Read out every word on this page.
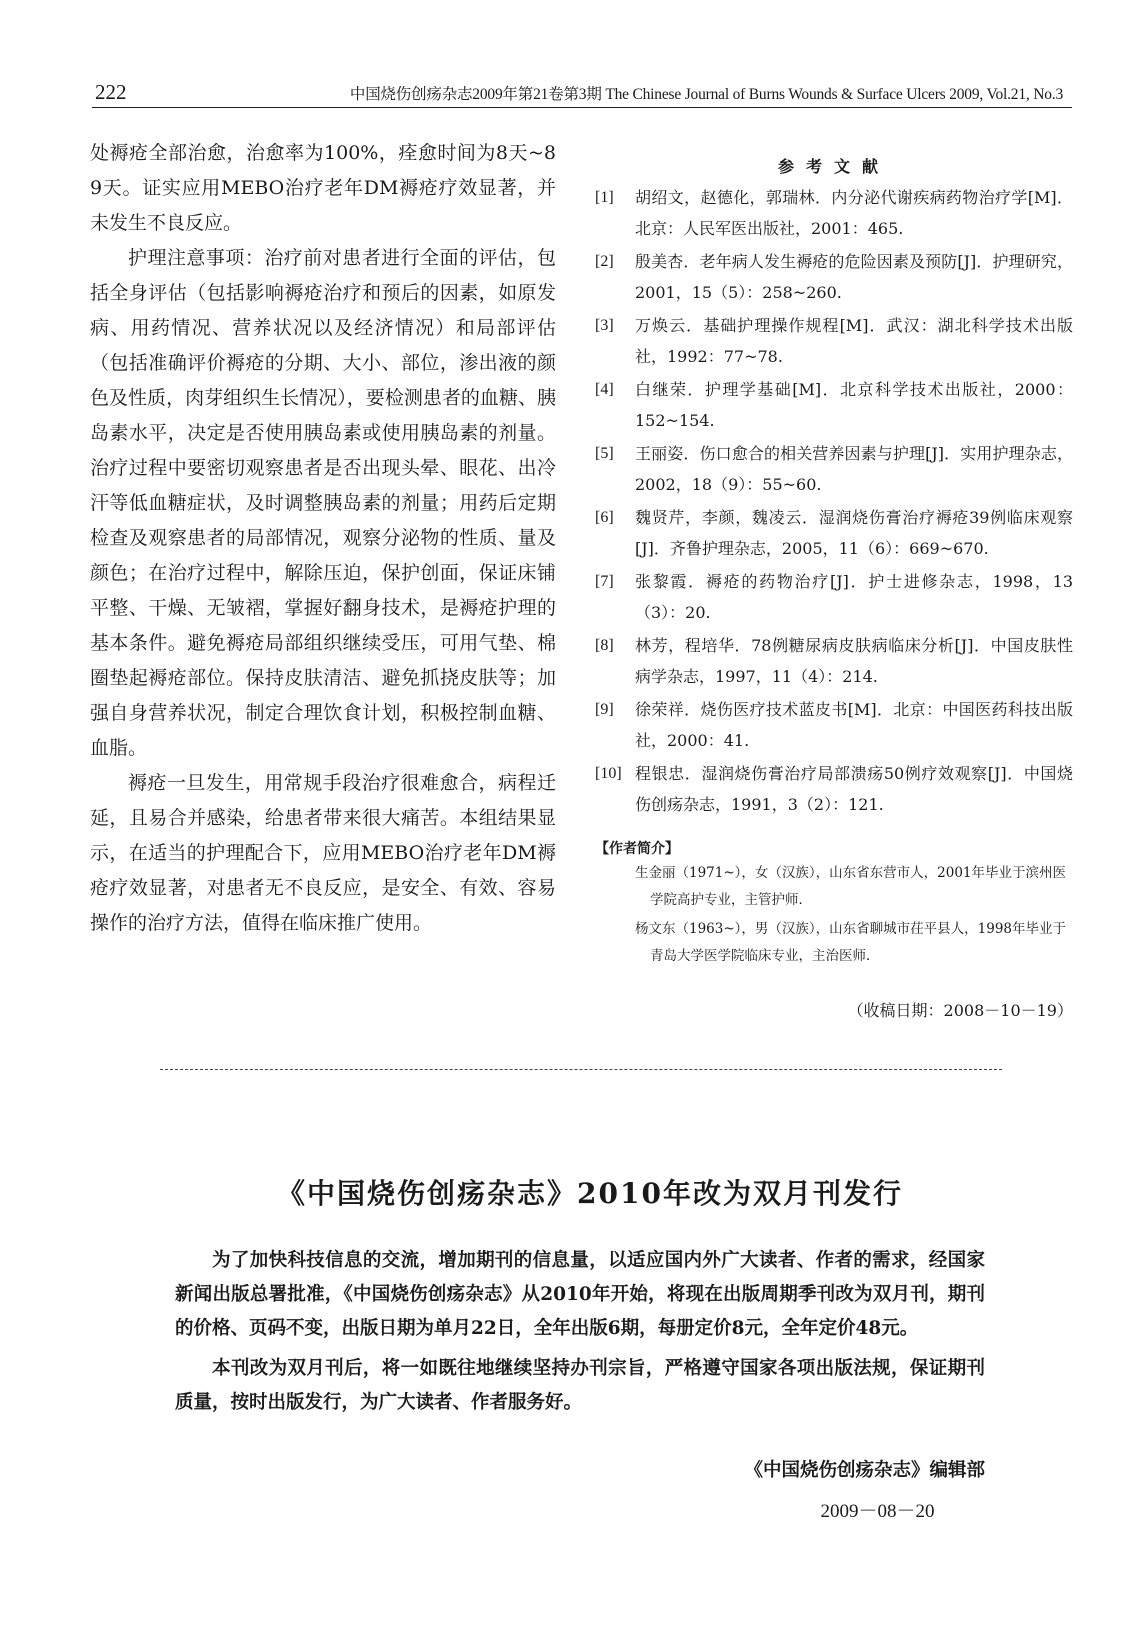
222	中国烧伤创疡杂志2009年第21卷第3期 The Chinese Journal of Burns Wounds & Surface Ulcers 2009, Vol.21, No.3

处褥疮全部治愈，治愈率为100%，痊愈时间为8天~89天。证实应用MEBO治疗老年DM褥疮疗效显著，并未发生不良反应。

护理注意事项：治疗前对患者进行全面的评估，包括全身评估（包括影响褥疮治疗和预后的因素，如原发病、用药情况、营养状况以及经济情况）和局部评估（包括准确评价褥疮的分期、大小、部位，渗出液的颜色及性质，肉芽组织生长情况），要检测患者的血糖、胰岛素水平，决定是否使用胰岛素或使用胰岛素的剂量。治疗过程中要密切观察患者是否出现头晕、眼花、出冷汗等低血糖症状，及时调整胰岛素的剂量；用药后定期检查及观察患者的局部情况，观察分泌物的性质、量及颜色；在治疗过程中，解除压迫，保护创面，保证床铺平整、干燥、无皱褶，掌握好翻身技术，是褥疮护理的基本条件。避免褥疮局部组织继续受压，可用气垫、棉圈垫起褥疮部位。保持皮肤清洁、避免抓挠皮肤等；加强自身营养状况，制定合理饮食计划，积极控制血糖、血脂。

褥疮一旦发生，用常规手段治疗很难愈合，病程迁延，且易合并感染，给患者带来很大痛苦。本组结果显示，在适当的护理配合下，应用MEBO治疗老年DM褥疮疗效显著，对患者无不良反应，是安全、有效、容易操作的治疗方法，值得在临床推广使用。

参考文献
[1] 胡绍文，赵德化，郭瑞林．内分泌代谢疾病药物治疗学[M]．北京：人民军医出版社，2001：465.
[2] 殷美杏．老年病人发生褥疮的危险因素及预防[J]．护理研究，2001，15（5）：258~260.
[3] 万焕云．基础护理操作规程[M]．武汉：湖北科学技术出版社，1992：77~78.
[4] 白继荣．护理学基础[M]．北京科学技术出版社，2000：152~154.
[5] 王丽姿．伤口愈合的相关营养因素与护理[J]．实用护理杂志，2002，18（9）：55~60.
[6] 魏贤芹，李颜，魏凌云．湿润烧伤膏治疗褥疮39例临床观察[J]．齐鲁护理杂志，2005，11（6）：669~670.
[7] 张黎霞．褥疮的药物治疗[J]．护士进修杂志，1998，13（3）：20.
[8] 林芳，程培华．78例糖尿病皮肤病临床分析[J]．中国皮肤性病学杂志，1997，11（4）：214.
[9] 徐荣祥．烧伤医疗技术蓝皮书[M]．北京：中国医药科技出版社，2000：41.
[10] 程银忠．湿润烧伤膏治疗局部溃疡50例疗效观察[J]．中国烧伤创疡杂志，1991，3（2）：121.
【作者简介】

生金丽（1971~），女（汉族），山东省东营市人，2001年毕业于滨州医学院高护专业，主管护师．

杨文东（1963~），男（汉族），山东省聊城市茌平县人，1998年毕业于青岛大学医学院临床专业，主治医师．

（收稿日期：2008－10－19）
《中国烧伤创疡杂志》2010年改为双月刊发行

为了加快科技信息的交流，增加期刊的信息量，以适应国内外广大读者、作者的需求，经国家新闻出版总署批准，《中国烧伤创疡杂志》从2010年开始，将现在出版周期季刊改为双月刊，期刊的价格、页码不变，出版日期为单月22日，全年出版6期，每册定价8元，全年定价48元。

本刊改为双月刊后，将一如既往地继续坚持办刊宗旨，严格遵守国家各项出版法规，保证期刊质量，按时出版发行，为广大读者、作者服务好。

《中国烧伤创疡杂志》编辑部
2009－08－20
